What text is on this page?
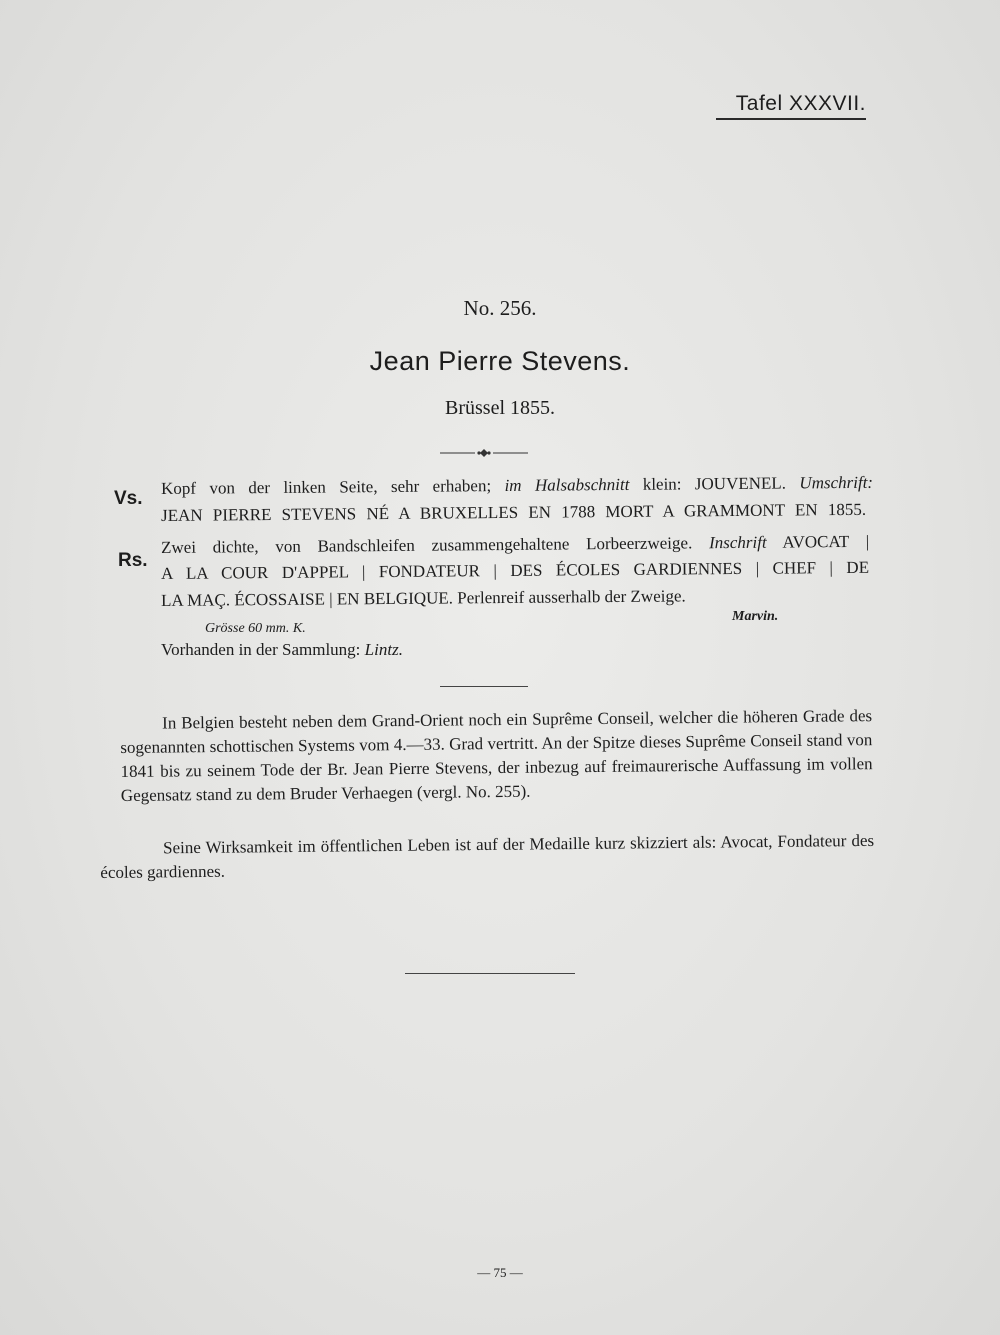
Tafel XXXVII.
No. 256.
Jean Pierre Stevens.
Brüssel 1855.
Vs.
Kopf von der linken Seite, sehr erhaben; im Halsabschnitt klein: JOUVENEL. Umschrift:
JEAN PIERRE STEVENS NÉ A BRUXELLES EN 1788 MORT A GRAMMONT EN 1855.
Rs.
Zwei dichte, von Bandschleifen zusammengehaltene Lorbeerzweige. Inschrift AVOCAT |
A LA COUR D'APPEL | FONDATEUR | DES ÉCOLES GARDIENNES | CHEF | DE
LA MAÇ. ÉCOSSAISE | EN BELGIQUE. Perlenreif ausserhalb der Zweige.
Grösse 60 mm. K.
Marvin.
Vorhanden in der Sammlung: Lintz.
In Belgien besteht neben dem Grand-Orient noch ein Suprême Conseil, welcher die höheren Grade des sogenannten schottischen Systems vom 4.—33. Grad vertritt. An der Spitze dieses Suprême Conseil stand von 1841 bis zu seinem Tode der Br. Jean Pierre Stevens, der inbezug auf freimaurerische Auffassung im vollen Gegensatz stand zu dem Bruder Verhaegen (vergl. No. 255).
Seine Wirksamkeit im öffentlichen Leben ist auf der Medaille kurz skizziert als: Avocat, Fondateur des écoles gardiennes.
— 75 —
